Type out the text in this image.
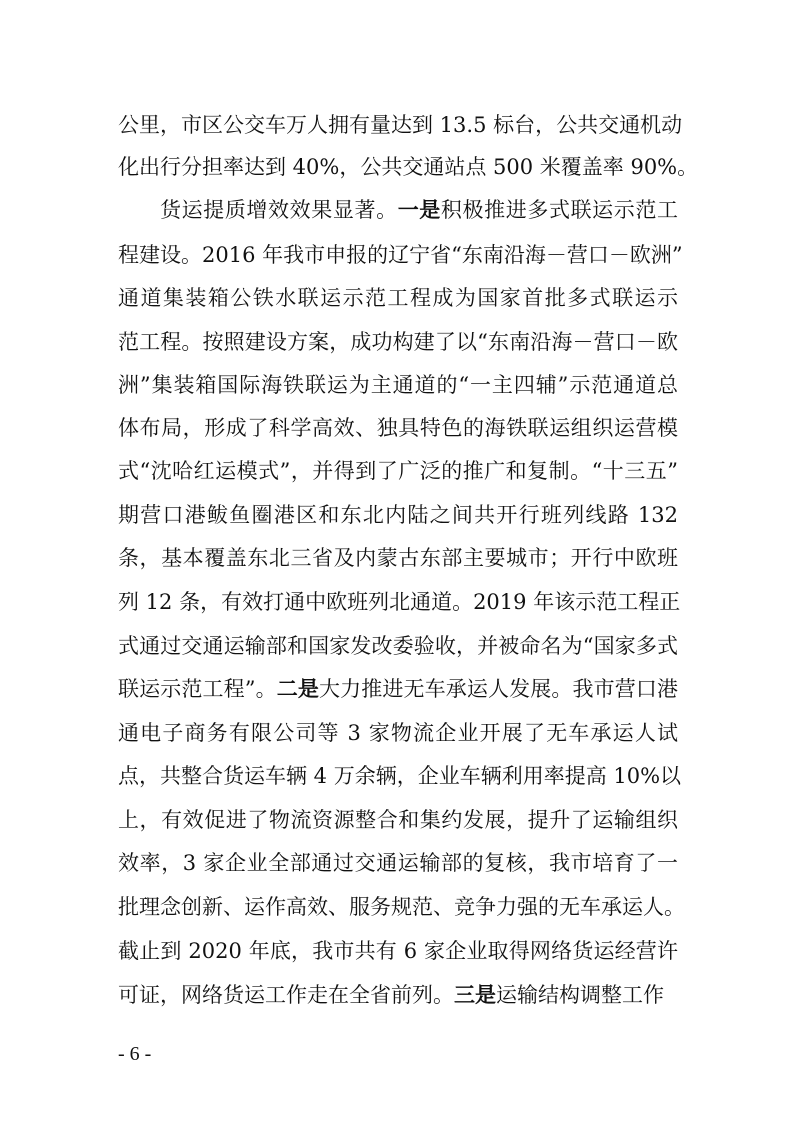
公里，市区公交车万人拥有量达到 13.5 标台，公共交通机动
化出行分担率达到 40%，公共交通站点 500 米覆盖率 90%。
货运提质增效效果显著。一是积极推进多式联运示范工
程建设。2016 年我市申报的辽宁省“东南沿海－营口－欧洲”
通道集装箱公铁水联运示范工程成为国家首批多式联运示
范工程。按照建设方案，成功构建了以“东南沿海－营口－欧
洲”集装箱国际海铁联运为主通道的“一主四辅”示范通道总
体布局，形成了科学高效、独具特色的海铁联运组织运营模
式“沈哈红运模式”，并得到了广泛的推广和复制。“十三五”
期营口港鲅鱼圈港区和东北内陆之间共开行班列线路 132
条，基本覆盖东北三省及内蒙古东部主要城市；开行中欧班
列 12 条，有效打通中欧班列北通道。2019 年该示范工程正
式通过交通运输部和国家发改委验收，并被命名为“国家多式
联运示范工程”。二是大力推进无车承运人发展。我市营口港
通电子商务有限公司等 3 家物流企业开展了无车承运人试
点，共整合货运车辆 4 万余辆，企业车辆利用率提高 10%以
上，有效促进了物流资源整合和集约发展，提升了运输组织
效率，3 家企业全部通过交通运输部的复核，我市培育了一
批理念创新、运作高效、服务规范、竞争力强的无车承运人。
截止到 2020 年底，我市共有 6 家企业取得网络货运经营许
可证，网络货运工作走在全省前列。三是运输结构调整工作
- 6 -
